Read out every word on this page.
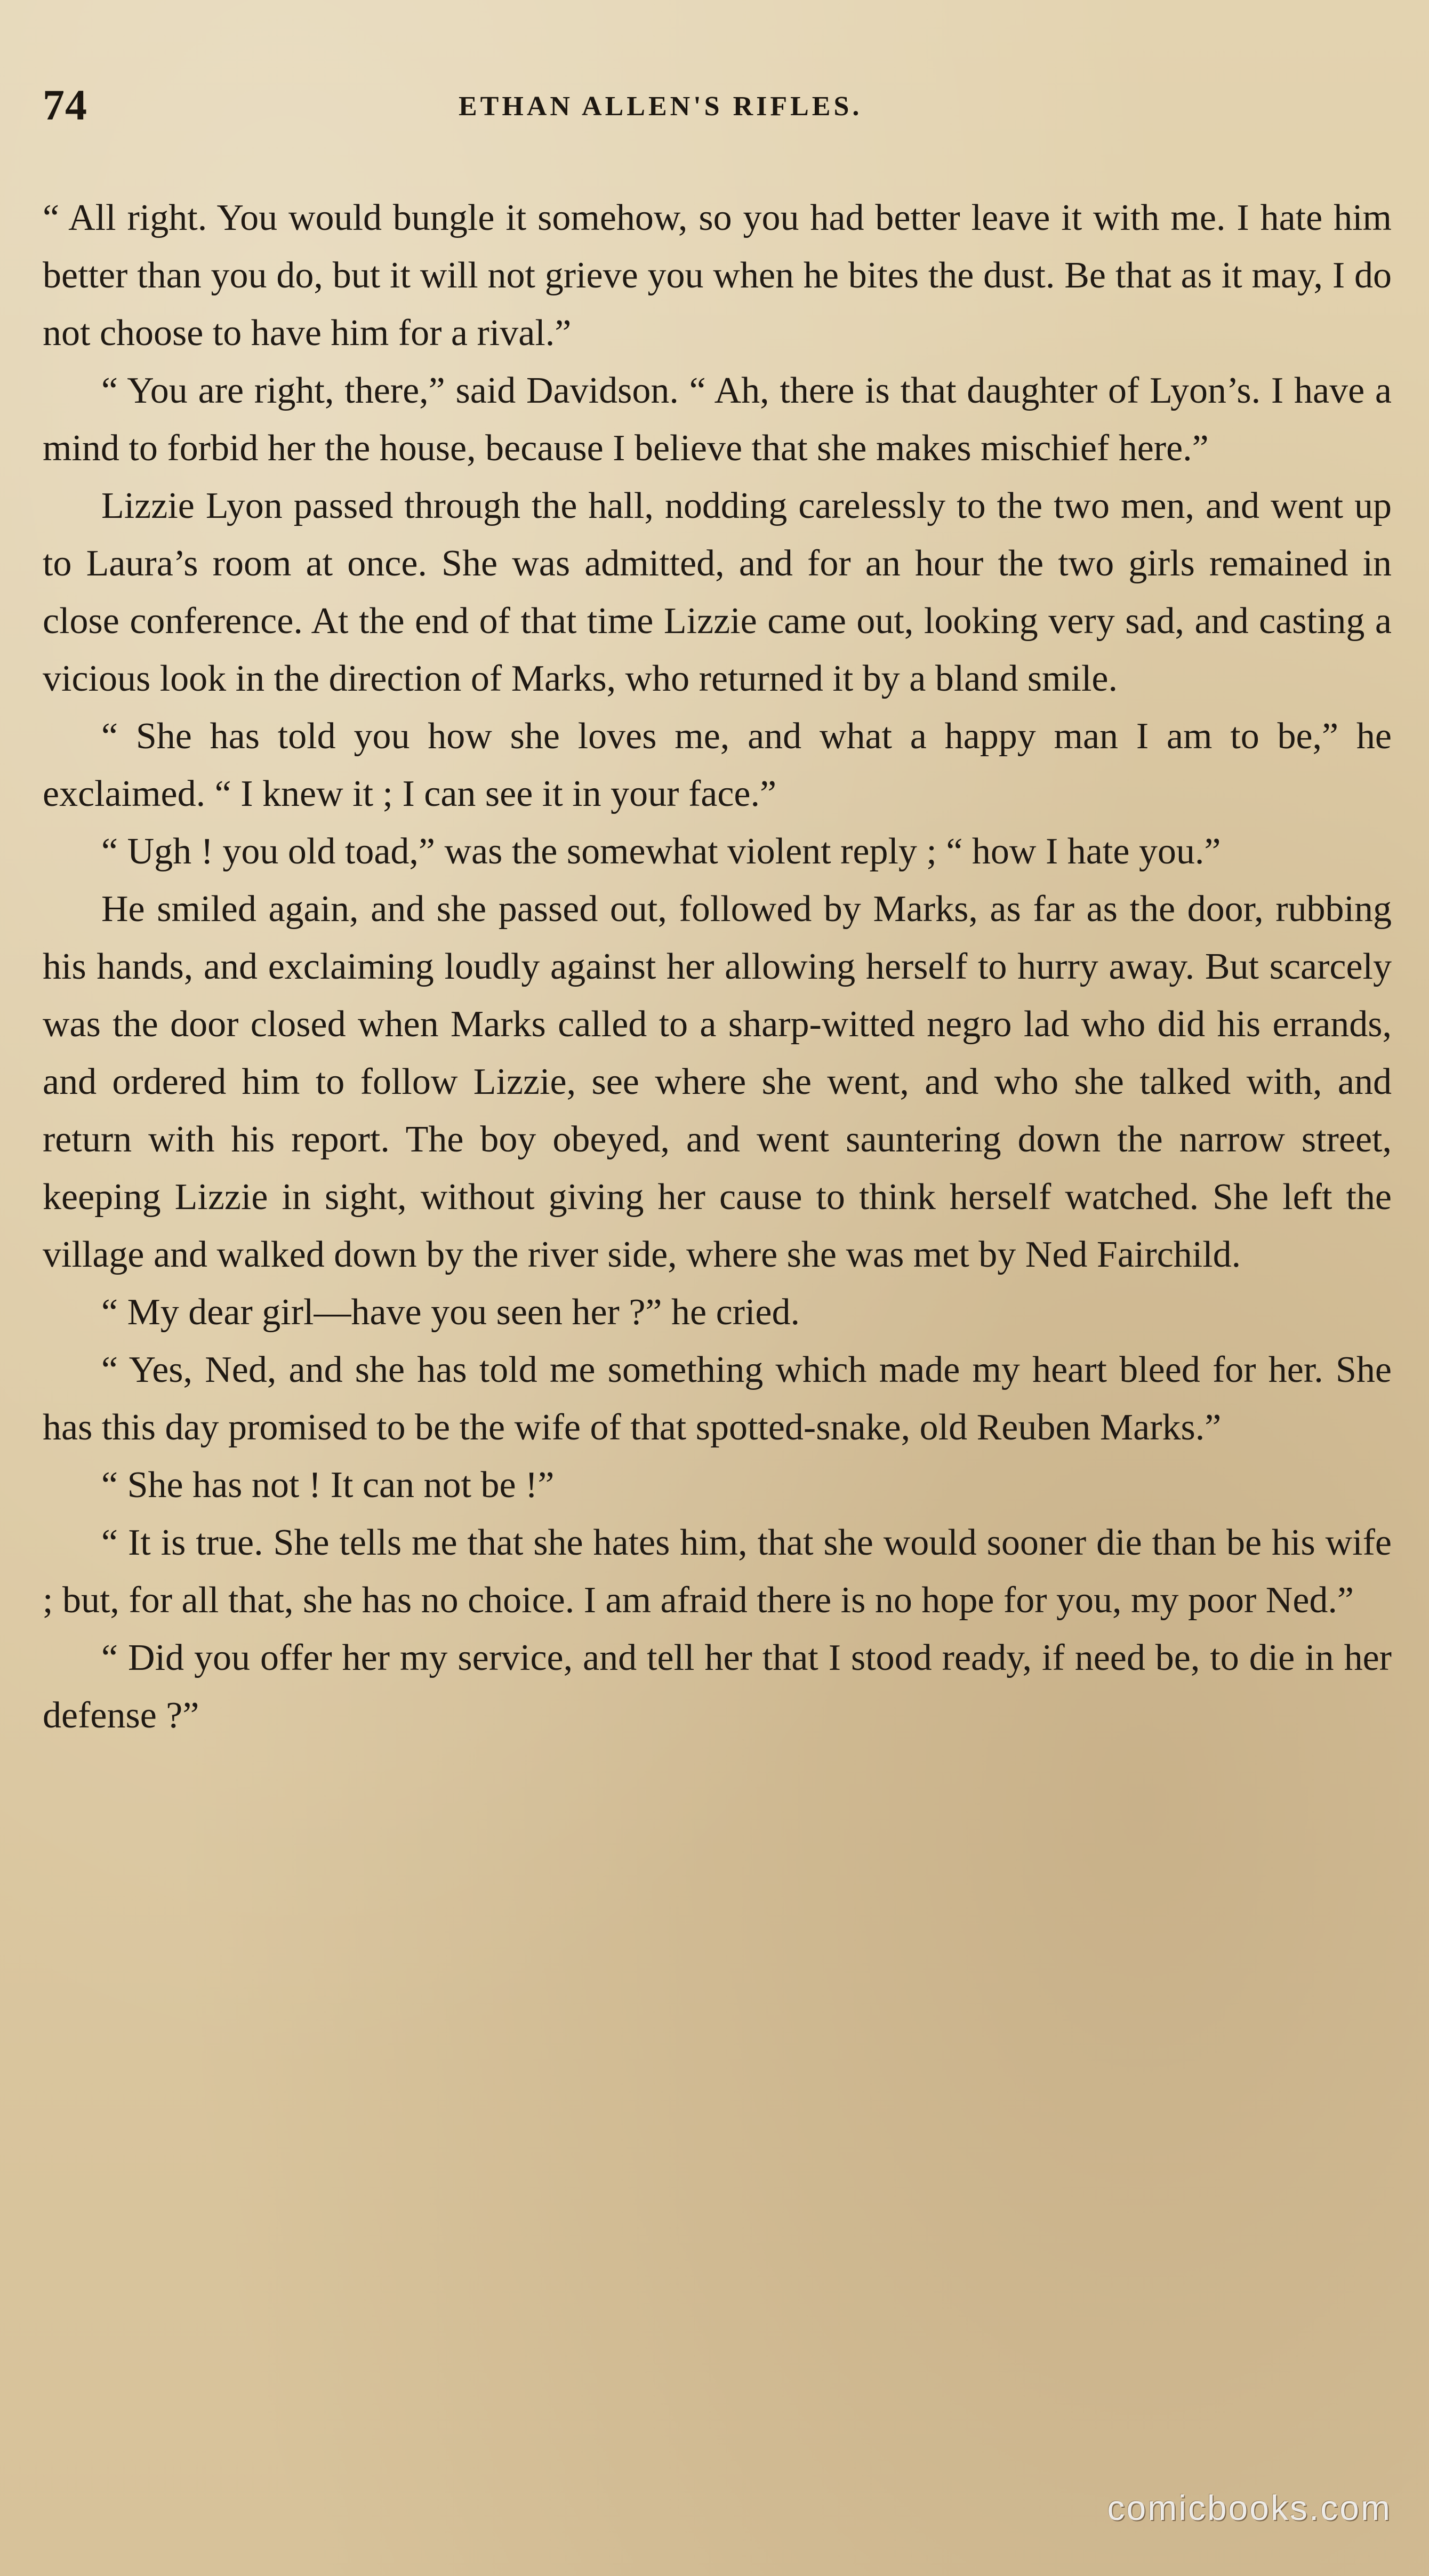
74	ETHAN ALLEN'S RIFLES.

“ All right. You would bungle it somehow, so you had better leave it with me. I hate him better than you do, but it will not grieve you when he bites the dust. Be that as it may, I do not choose to have him for a rival.”

“ You are right, there,” said Davidson. “ Ah, there is that daughter of Lyon’s. I have a mind to forbid her the house, because I believe that she makes mischief here.”

Lizzie Lyon passed through the hall, nodding carelessly to the two men, and went up to Laura’s room at once. She was admitted, and for an hour the two girls remained in close conference. At the end of that time Lizzie came out, looking very sad, and casting a vicious look in the direction of Marks, who returned it by a bland smile.

“ She has told you how she loves me, and what a happy man I am to be,” he exclaimed. “ I knew it ; I can see it in your face.”

“ Ugh ! you old toad,” was the somewhat violent reply ; “ how I hate you.”

He smiled again, and she passed out, followed by Marks, as far as the door, rubbing his hands, and exclaiming loudly against her allowing herself to hurry away. But scarcely was the door closed when Marks called to a sharp-witted negro lad who did his errands, and ordered him to follow Lizzie, see where she went, and who she talked with, and return with his report. The boy obeyed, and went sauntering down the narrow street, keeping Lizzie in sight, without giving her cause to think herself watched. She left the village and walked down by the river side, where she was met by Ned Fairchild.

“ My dear girl—have you seen her ?” he cried.

“ Yes, Ned, and she has told me something which made my heart bleed for her. She has this day promised to be the wife of that spotted-snake, old Reuben Marks.”

“ She has not ! It can not be !”

“ It is true. She tells me that she hates him, that she would sooner die than be his wife ; but, for all that, she has no choice. I am afraid there is no hope for you, my poor Ned.”

“ Did you offer her my service, and tell her that I stood ready, if need be, to die in her defense ?”

comicbooks.com
